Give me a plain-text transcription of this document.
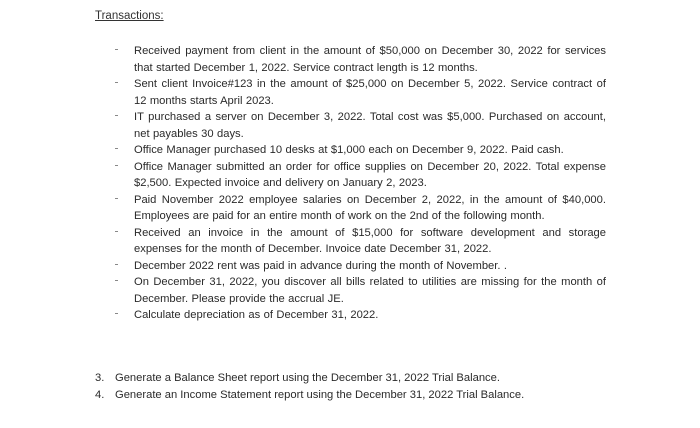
Transactions:
Received payment from client in the amount of $50,000 on December 30, 2022 for services that started December 1, 2022. Service contract length is 12 months.
Sent client Invoice#123 in the amount of $25,000 on December 5, 2022. Service contract of 12 months starts April 2023.
IT purchased a server on December 3, 2022. Total cost was $5,000. Purchased on account, net payables 30 days.
Office Manager purchased 10 desks at $1,000 each on December 9, 2022. Paid cash.
Office Manager submitted an order for office supplies on December 20, 2022. Total expense $2,500. Expected invoice and delivery on January 2, 2023.
Paid November 2022 employee salaries on December 2, 2022, in the amount of $40,000. Employees are paid for an entire month of work on the 2nd of the following month.
Received an invoice in the amount of $15,000 for software development and storage expenses for the month of December. Invoice date December 31, 2022.
December 2022 rent was paid in advance during the month of November. .
On December 31, 2022, you discover all bills related to utilities are missing for the month of December. Please provide the accrual JE.
Calculate depreciation as of December 31, 2022.
3. Generate a Balance Sheet report using the December 31, 2022 Trial Balance.
4. Generate an Income Statement report using the December 31, 2022 Trial Balance.
